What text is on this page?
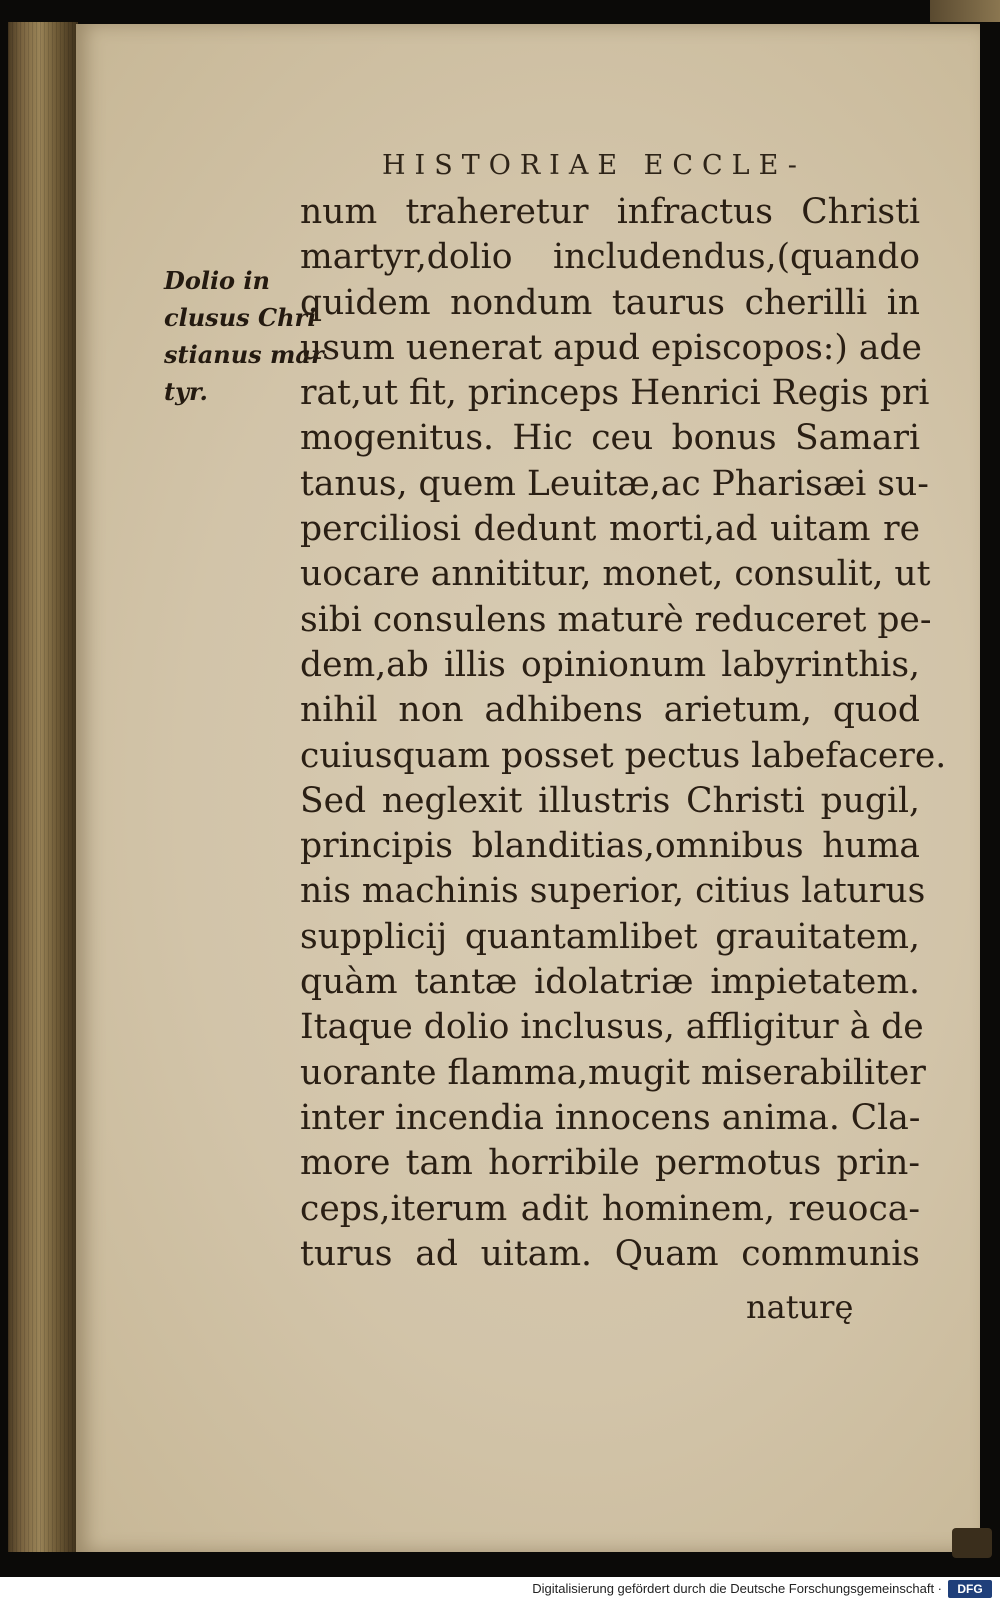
HISTORIAE ECCLE-
Dolio in
clusus Chri
stianus mar
tyr.
num traheretur infractus Christi
martyr,dolio includendus,(quando
quidem nondum taurus cherilli in
usum uenerat apud episcopos:) ade
rat,ut fit, princeps Henrici Regis pri
mogenitus. Hic ceu bonus Samari
tanus, quem Leuitæ,ac Pharisæi su-
perciliosi dedunt morti,ad uitam re
uocare annititur, monet, consulit, ut
sibi consulens maturè reduceret pe-
dem,ab illis opinionum labyrinthis,
nihil non adhibens arietum, quod
cuiusquam posset pectus labefacere.
Sed neglexit illustris Christi pugil,
principis blanditias,omnibus huma
nis machinis superior, citius laturus
supplicij quantamlibet grauitatem,
quàm tantæ idolatriæ impietatem.
Itaque dolio inclusus, affligitur à de
uorante flamma,mugit miserabiliter
inter incendia innocens anima. Cla-
more tam horribile permotus prin-
ceps,iterum adit hominem, reuoca-
turus ad uitam. Quam communis
naturę
Digitalisierung gefördert durch die Deutsche Forschungsgemeinschaft ·	DFG
